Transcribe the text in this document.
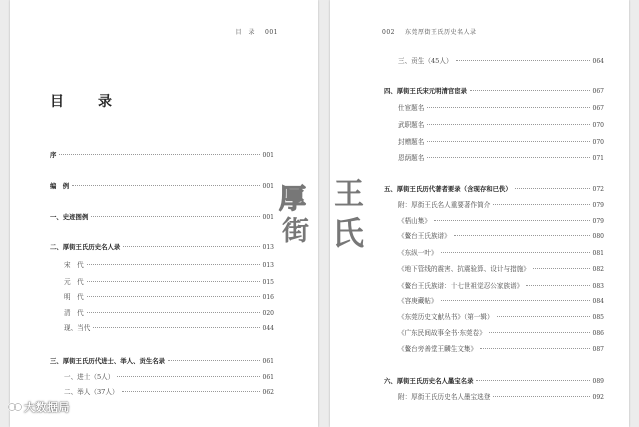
目　录 001
目　录
序	001
编　例	001
一、史迹图例	001
二、厚街王氏历史名人录	013
宋　代	013
元　代	015
明　代	016
清　代	020
现、当代	044
三、厚街王氏历代进士、举人、贡生名录	061
一、进士（5人）	061
二、举人（37人）	062
002 东莞厚街王氏历史名人录
三、贡生（45人）	064
四、厚街王氏宋元明清官宦录	067
仕宦题名	067
武职题名	070
封赠题名	070
恩荫题名	071
五、厚街王氏历代著者要录（含现存和已佚）	072
附：厚街王氏名人重要著作简介	079
《梧山集》	079
《鳌台王氏族谱》	080
《东纵一叶》	081
《地下管线的震害、抗震验算、设计与措施》	082
《鳌台王氏族谱：十七世祖觉忍公家族谱》	083
《容庚藏帖》	084
《东莞历史文献丛书》（第一辑）	085
《广东民间故事全书·东莞卷》	086
《鳌台旁善堂王麟生文集》	087
六、厚街王氏历史名人墨宝名录	089
附：厚街王氏历史名人墨宝选登	092
厚 王
街 氏
大数据局
